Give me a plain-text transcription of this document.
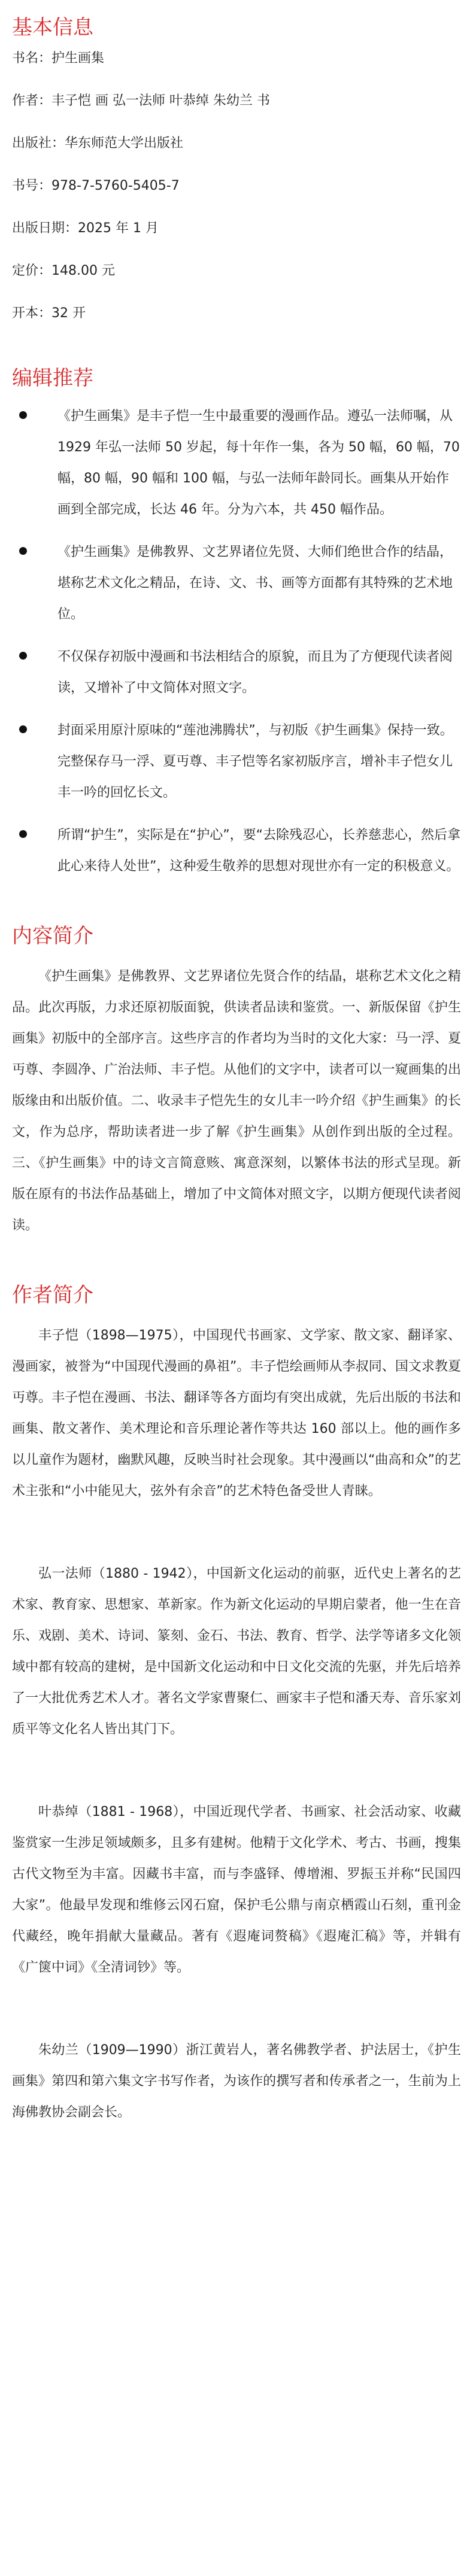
基本信息
书名：护生画集
作者：丰子恺 画 弘一法师 叶恭绰 朱幼兰 书
出版社：华东师范大学出版社
书号：978-7-5760-5405-7
出版日期：2025 年 1 月
定价：148.00 元
开本：32 开
编辑推荐
《护生画集》是丰子恺一生中最重要的漫画作品。遵弘一法师嘱，从 1929 年弘一法师 50 岁起，每十年作一集，各为 50 幅，60 幅，70 幅，80 幅，90 幅和 100 幅，与弘一法师年龄同长。画集从开始作画到全部完成，长达 46 年。分为六本，共 450 幅作品。
《护生画集》是佛教界、文艺界诸位先贤、大师们绝世合作的结晶，堪称艺术文化之精品，在诗、文、书、画等方面都有其特殊的艺术地位。
不仅保存初版中漫画和书法相结合的原貌，而且为了方便现代读者阅读，又增补了中文简体对照文字。
封面采用原汁原味的“莲池沸腾状”，与初版《护生画集》保持一致。完整保存马一浮、夏丏尊、丰子恺等名家初版序言，增补丰子恺女儿丰一吟的回忆长文。
所谓“护生”，实际是在“护心”，要“去除残忍心，长养慈悲心，然后拿此心来待人处世”，这种爱生敬养的思想对现世亦有一定的积极意义。
内容简介

《护生画集》是佛教界、文艺界诸位先贤合作的结晶，堪称艺术文化之精品。此次再版，力求还原初版面貌，供读者品读和鉴赏。一、新版保留《护生画集》初版中的全部序言。这些序言的作者均为当时的文化大家：马一浮、夏丏尊、李圆净、广治法师、丰子恺。从他们的文字中，读者可以一窥画集的出版缘由和出版价值。二、收录丰子恺先生的女儿丰一吟介绍《护生画集》的长文，作为总序，帮助读者进一步了解《护生画集》从创作到出版的全过程。三、《护生画集》中的诗文言简意赅、寓意深刻，以繁体书法的形式呈现。新版在原有的书法作品基础上，增加了中文简体对照文字，以期方便现代读者阅读。

作者简介

丰子恺（1898—1975），中国现代书画家、文学家、散文家、翻译家、漫画家，被誉为“中国现代漫画的鼻祖”。丰子恺绘画师从李叔同、国文求教夏丏尊。丰子恺在漫画、书法、翻译等各方面均有突出成就，先后出版的书法和画集、散文著作、美术理论和音乐理论著作等共达 160 部以上。他的画作多以儿童作为题材，幽默风趣，反映当时社会现象。其中漫画以“曲高和众”的艺术主张和“小中能见大，弦外有余音”的艺术特色备受世人青睐。

弘一法师（1880 - 1942），中国新文化运动的前驱，近代史上著名的艺术家、教育家、思想家、革新家。作为新文化运动的早期启蒙者，他一生在音乐、戏剧、美术、诗词、篆刻、金石、书法、教育、哲学、法学等诸多文化领域中都有较高的建树，是中国新文化运动和中日文化交流的先驱，并先后培养了一大批优秀艺术人才。著名文学家曹聚仁、画家丰子恺和潘天寿、音乐家刘质平等文化名人皆出其门下。

叶恭绰（1881 - 1968），中国近现代学者、书画家、社会活动家、收藏鉴赏家一生涉足领域颇多，且多有建树。他精于文化学术、考古、书画，搜集古代文物至为丰富。因藏书丰富，而与李盛铎、傅增湘、罗振玉并称“民国四大家”。他最早发现和维修云冈石窟，保护毛公鼎与南京栖霞山石刻，重刊金代藏经，晚年捐献大量藏品。著有《遐庵词赘稿》《遐庵汇稿》等，并辑有《广箧中词》《全清词钞》等。

朱幼兰（1909—1990）浙江黄岩人，著名佛教学者、护法居士，《护生画集》第四和第六集文字书写作者，为该作的撰写者和传承者之一，生前为上海佛教协会副会长。
